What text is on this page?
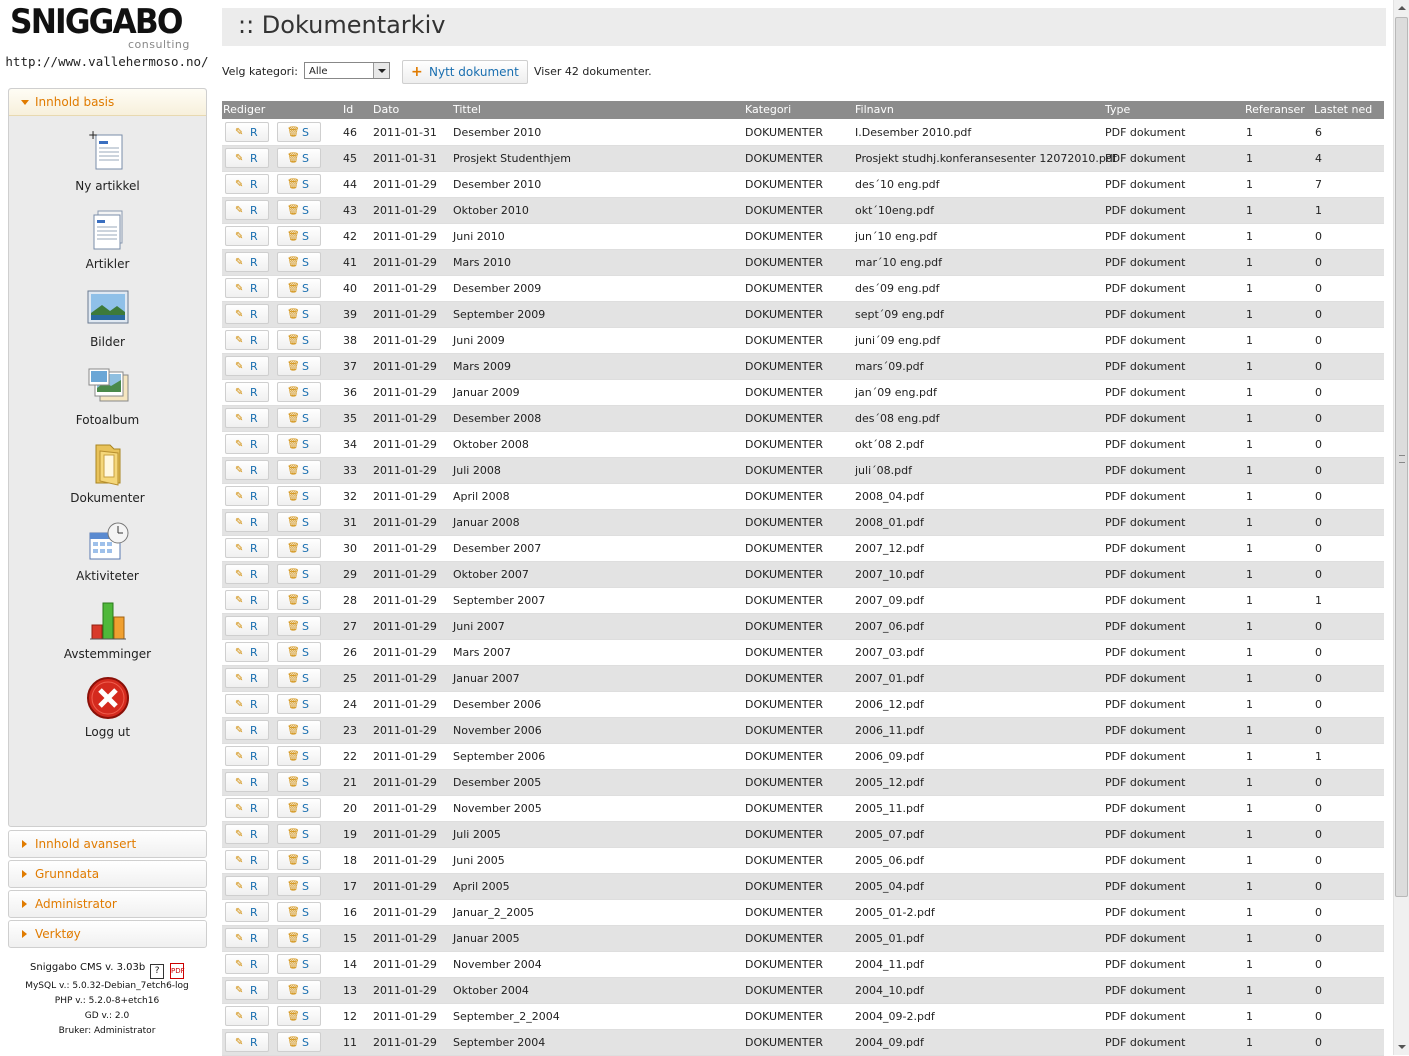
SNIGGABO
consulting
http://www.vallehermoso.no/
Innhold basis
+
Ny artikkel
Artikler
Bilder
Fotoalbum
Dokumenter
Aktiviteter
Avstemminger
Logg ut
Innhold avansert
Grunndata
Administrator
Verktøy
Sniggabo CMS v. 3.03b ? PDF
MySQL v.: 5.0.32-Debian_7etch6-log
PHP v.: 5.2.0-8+etch16
GD v.: 2.0
Bruker: Administrator
:: Dokumentarkiv
Velg kategori:	Alle	+ Nytt dokument Viser 42 dokumenter.
Rediger	Id Dato	Tittel	Kategori	Filnavn	Type	Referanser Lastet ned
✎ R	🗑 S	46 2011-01-31 Desember 2010	DOKUMENTER	I.Desember 2010.pdf	PDF dokument	1	6
✎ R	🗑 S	45 2011-01-31 Prosjekt Studenthjem	DOKUMENTER	Prosjekt studhj.konferansesenter 12072010.pdf
PDF dokument	1	4
✎ R	🗑 S	44 2011-01-29 Desember 2010	DOKUMENTER	des´10 eng.pdf	PDF dokument	1	7
✎ R	🗑 S	43 2011-01-29 Oktober 2010	DOKUMENTER	okt´10eng.pdf	PDF dokument	1	1
✎ R	🗑 S	42 2011-01-29 Juni 2010	DOKUMENTER	jun´10 eng.pdf	PDF dokument	1	0
✎ R	🗑 S	41 2011-01-29 Mars 2010	DOKUMENTER	mar´10 eng.pdf	PDF dokument	1	0
✎ R	🗑 S	40 2011-01-29 Desember 2009	DOKUMENTER	des´09 eng.pdf	PDF dokument	1	0
✎ R	🗑 S	39 2011-01-29 September 2009	DOKUMENTER	sept´09 eng.pdf	PDF dokument	1	0
✎ R	🗑 S	38 2011-01-29 Juni 2009	DOKUMENTER	juni´09 eng.pdf	PDF dokument	1	0
✎ R	🗑 S	37 2011-01-29 Mars 2009	DOKUMENTER	mars´09.pdf	PDF dokument	1	0
✎ R	🗑 S	36 2011-01-29 Januar 2009	DOKUMENTER	jan´09 eng.pdf	PDF dokument	1	0
✎ R	🗑 S	35 2011-01-29 Desember 2008	DOKUMENTER	des´08 eng.pdf	PDF dokument	1	0
✎ R	🗑 S	34 2011-01-29 Oktober 2008	DOKUMENTER	okt´08 2.pdf	PDF dokument	1	0
✎ R	🗑 S	33 2011-01-29 Juli 2008	DOKUMENTER	juli´08.pdf	PDF dokument	1	0
✎ R	🗑 S	32 2011-01-29 April 2008	DOKUMENTER	2008_04.pdf	PDF dokument	1	0
✎ R	🗑 S	31 2011-01-29 Januar 2008	DOKUMENTER	2008_01.pdf	PDF dokument	1	0
✎ R	🗑 S	30 2011-01-29 Desember 2007	DOKUMENTER	2007_12.pdf	PDF dokument	1	0
✎ R	🗑 S	29 2011-01-29 Oktober 2007	DOKUMENTER	2007_10.pdf	PDF dokument	1	0
✎ R	🗑 S	28 2011-01-29 September 2007	DOKUMENTER	2007_09.pdf	PDF dokument	1	1
✎ R	🗑 S	27 2011-01-29 Juni 2007	DOKUMENTER	2007_06.pdf	PDF dokument	1	0
✎ R	🗑 S	26 2011-01-29 Mars 2007	DOKUMENTER	2007_03.pdf	PDF dokument	1	0
✎ R	🗑 S	25 2011-01-29 Januar 2007	DOKUMENTER	2007_01.pdf	PDF dokument	1	0
✎ R	🗑 S	24 2011-01-29 Desember 2006	DOKUMENTER	2006_12.pdf	PDF dokument	1	0
✎ R	🗑 S	23 2011-01-29 November 2006	DOKUMENTER	2006_11.pdf	PDF dokument	1	0
✎ R	🗑 S	22 2011-01-29 September 2006	DOKUMENTER	2006_09.pdf	PDF dokument	1	1
✎ R	🗑 S	21 2011-01-29 Desember 2005	DOKUMENTER	2005_12.pdf	PDF dokument	1	0
✎ R	🗑 S	20 2011-01-29 November 2005	DOKUMENTER	2005_11.pdf	PDF dokument	1	0
✎ R	🗑 S	19 2011-01-29 Juli 2005	DOKUMENTER	2005_07.pdf	PDF dokument	1	0
✎ R	🗑 S	18 2011-01-29 Juni 2005	DOKUMENTER	2005_06.pdf	PDF dokument	1	0
✎ R	🗑 S	17 2011-01-29 April 2005	DOKUMENTER	2005_04.pdf	PDF dokument	1	0
✎ R	🗑 S	16 2011-01-29 Januar_2_2005	DOKUMENTER	2005_01-2.pdf	PDF dokument	1	0
✎ R	🗑 S	15 2011-01-29 Januar 2005	DOKUMENTER	2005_01.pdf	PDF dokument	1	0
✎ R	🗑 S	14 2011-01-29 November 2004	DOKUMENTER	2004_11.pdf	PDF dokument	1	0
✎ R	🗑 S	13 2011-01-29 Oktober 2004	DOKUMENTER	2004_10.pdf	PDF dokument	1	0
✎ R	🗑 S	12 2011-01-29 September_2_2004	DOKUMENTER	2004_09-2.pdf	PDF dokument	1	0
✎ R	🗑 S	11 2011-01-29 September 2004	DOKUMENTER	2004_09.pdf	PDF dokument	1	0
